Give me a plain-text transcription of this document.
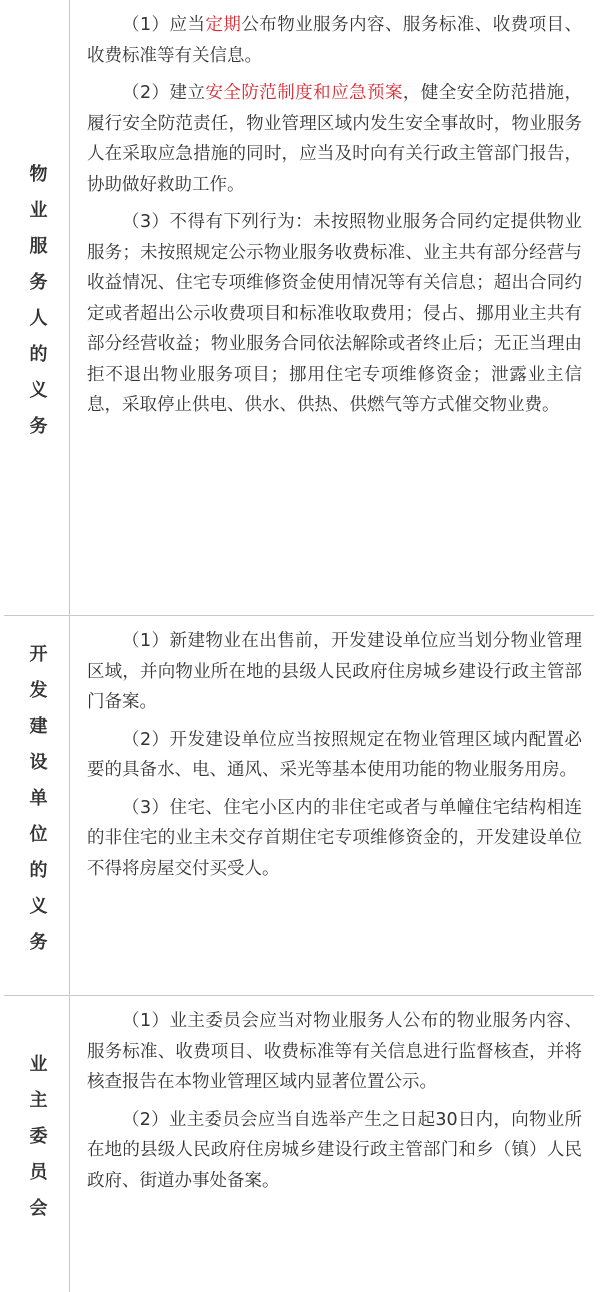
物业服务人的义务

（1）应当定期公布物业服务内容、服务标准、收费项目、收费标准等有关信息。

（2）建立安全防范制度和应急预案，健全安全防范措施，履行安全防范责任，物业管理区域内发生安全事故时，物业服务人在采取应急措施的同时，应当及时向有关行政主管部门报告，协助做好救助工作。

（3）不得有下列行为：未按照物业服务合同约定提供物业服务；未按照规定公示物业服务收费标准、业主共有部分经营与收益情况、住宅专项维修资金使用情况等有关信息；超出合同约定或者超出公示收费项目和标准收取费用；侵占、挪用业主共有部分经营收益；物业服务合同依法解除或者终止后；无正当理由拒不退出物业服务项目；挪用住宅专项维修资金；泄露业主信息，采取停止供电、供水、供热、供燃气等方式催交物业费。

开发建设单位的义务

（1）新建物业在出售前，开发建设单位应当划分物业管理区域，并向物业所在地的县级人民政府住房城乡建设行政主管部门备案。

（2）开发建设单位应当按照规定在物业管理区域内配置必要的具备水、电、通风、采光等基本使用功能的物业服务用房。

（3）住宅、住宅小区内的非住宅或者与单幢住宅结构相连的非住宅的业主未交存首期住宅专项维修资金的，开发建设单位不得将房屋交付买受人。

业主委员会

（1）业主委员会应当对物业服务人公布的物业服务内容、服务标准、收费项目、收费标准等有关信息进行监督核查，并将核查报告在本物业管理区域内显著位置公示。

（2）业主委员会应当自选举产生之日起30日内，向物业所在地的县级人民政府住房城乡建设行政主管部门和乡（镇）人民政府、街道办事处备案。
